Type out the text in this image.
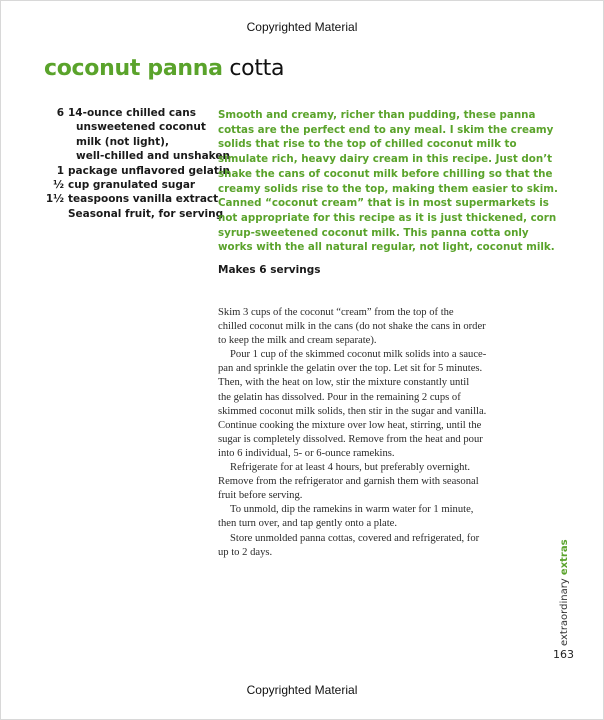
Copyrighted Material
coconut panna cotta
6 14-ounce chilled cans
unsweetened coconut
milk (not light),
well-chilled and unshaken
1 package unflavored gelatin
½ cup granulated sugar
1½ teaspoons vanilla extract
Seasonal fruit, for serving
Smooth and creamy, richer than pudding, these panna
cottas are the perfect end to any meal. I skim the creamy
solids that rise to the top of chilled coconut milk to
simulate rich, heavy dairy cream in this recipe. Just don’t
shake the cans of coconut milk before chilling so that the
creamy solids rise to the top, making them easier to skim.
Canned “coconut cream” that is in most supermarkets is
not appropriate for this recipe as it is just thickened, corn
syrup-sweetened coconut milk. This panna cotta only
works with the all natural regular, not light, coconut milk.
Makes 6 servings
Skim 3 cups of the coconut “cream” from the top of the
chilled coconut milk in the cans (do not shake the cans in order
to keep the milk and cream separate).
Pour 1 cup of the skimmed coconut milk solids into a sauce-
pan and sprinkle the gelatin over the top. Let sit for 5 minutes.
Then, with the heat on low, stir the mixture constantly until
the gelatin has dissolved. Pour in the remaining 2 cups of
skimmed coconut milk solids, then stir in the sugar and vanilla.
Continue cooking the mixture over low heat, stirring, until the
sugar is completely dissolved. Remove from the heat and pour
into 6 individual, 5- or 6-ounce ramekins.
Refrigerate for at least 4 hours, but preferably overnight.
Remove from the refrigerator and garnish them with seasonal
fruit before serving.
To unmold, dip the ramekins in warm water for 1 minute,
then turn over, and tap gently onto a plate.
Store unmolded panna cottas, covered and refrigerated, for
up to 2 days.
extraordinary extras
163
Copyrighted Material
